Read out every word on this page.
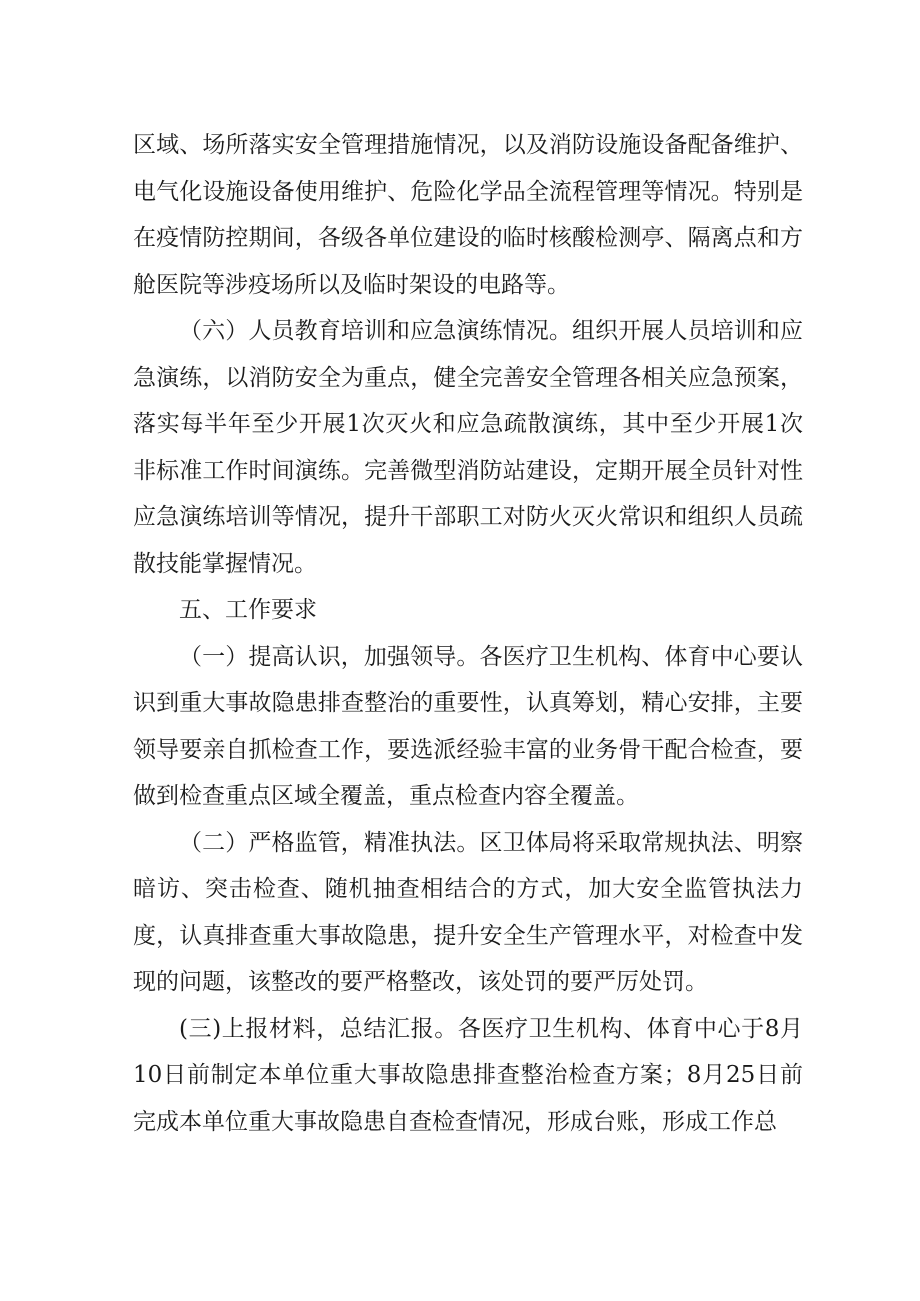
区域、场所落实安全管理措施情况，以及消防设施设备配备维护、电气化设施设备使用维护、危险化学品全流程管理等情况。特别是在疫情防控期间，各级各单位建设的临时核酸检测亭、隔离点和方舱医院等涉疫场所以及临时架设的电路等。

（六）人员教育培训和应急演练情况。组织开展人员培训和应急演练，以消防安全为重点，健全完善安全管理各相关应急预案，落实每半年至少开展1次灭火和应急疏散演练，其中至少开展1次非标准工作时间演练。完善微型消防站建设，定期开展全员针对性应急演练培训等情况，提升干部职工对防火灭火常识和组织人员疏散技能掌握情况。

五、工作要求

（一）提高认识，加强领导。各医疗卫生机构、体育中心要认识到重大事故隐患排查整治的重要性，认真筹划，精心安排，主要领导要亲自抓检查工作，要选派经验丰富的业务骨干配合检查，要做到检查重点区域全覆盖，重点检查内容全覆盖。

（二）严格监管，精准执法。区卫体局将采取常规执法、明察暗访、突击检查、随机抽查相结合的方式，加大安全监管执法力度，认真排查重大事故隐患，提升安全生产管理水平，对检查中发现的问题，该整改的要严格整改，该处罚的要严厉处罚。

(三)上报材料，总结汇报。各医疗卫生机构、体育中心于8月10日前制定本单位重大事故隐患排查整治检查方案；8月25日前完成本单位重大事故隐患自查检查情况，形成台账，形成工作总
